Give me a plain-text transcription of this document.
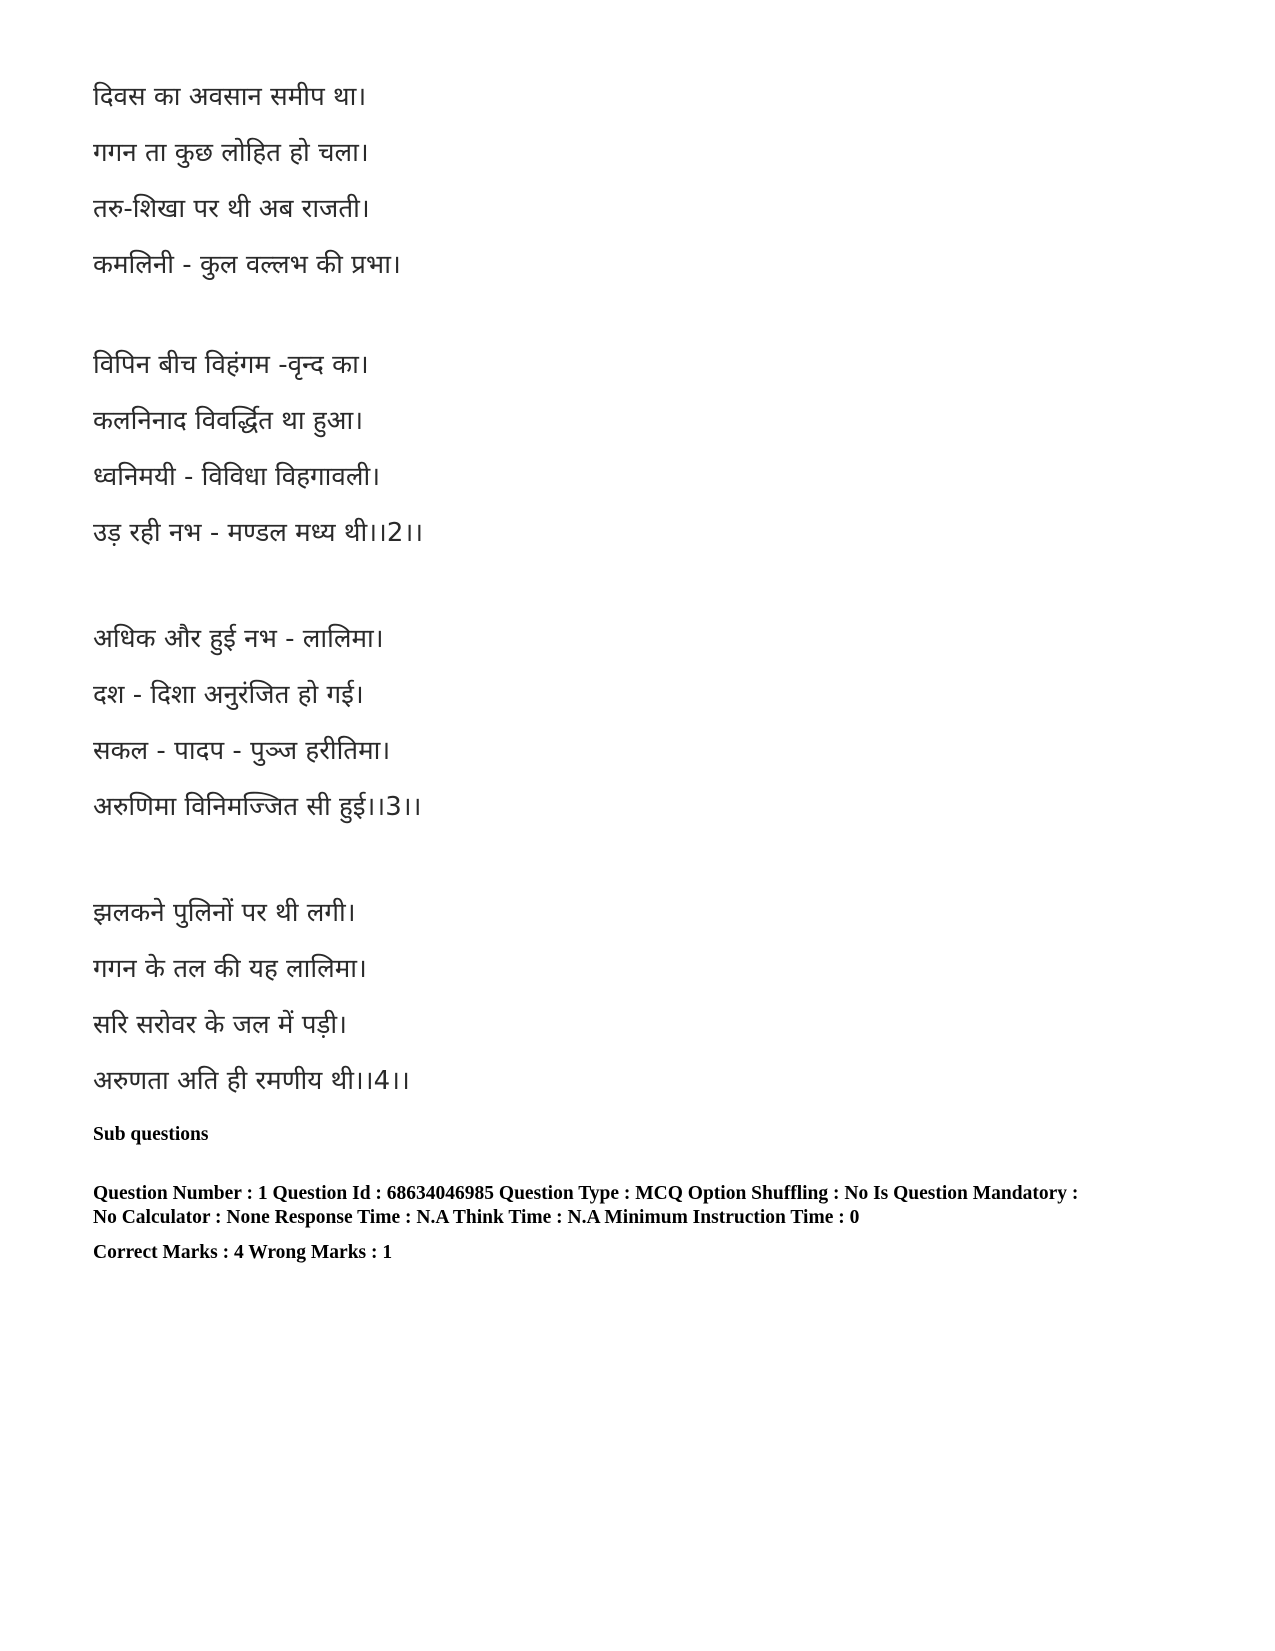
दिवस का अवसान समीप था।
गगन ता कुछ लोहित हो चला।
तरु-शिखा पर थी अब राजती।
कमलिनी - कुल वल्लभ की प्रभा।
विपिन बीच विहंगम -वृन्द का।
कलनिनाद विवर्द्धित था हुआ।
ध्वनिमयी - विविधा विहगावली।
उड़ रही नभ - मण्डल मध्य थी।।2।।
अधिक और हुई नभ - लालिमा।
दश - दिशा अनुरंजित हो गई।
सकल - पादप - पुञ्ज हरीतिमा।
अरुणिमा विनिमज्जित सी हुई।।3।।
झलकने पुलिनों पर थी लगी।
गगन के तल की यह लालिमा।
सरि सरोवर के जल में पड़ी।
अरुणता अति ही रमणीय थी।।4।।
Sub questions
Question Number : 1 Question Id : 68634046985 Question Type : MCQ Option Shuffling : No Is Question Mandatory :
No Calculator : None Response Time : N.A Think Time : N.A Minimum Instruction Time : 0
Correct Marks : 4 Wrong Marks : 1
